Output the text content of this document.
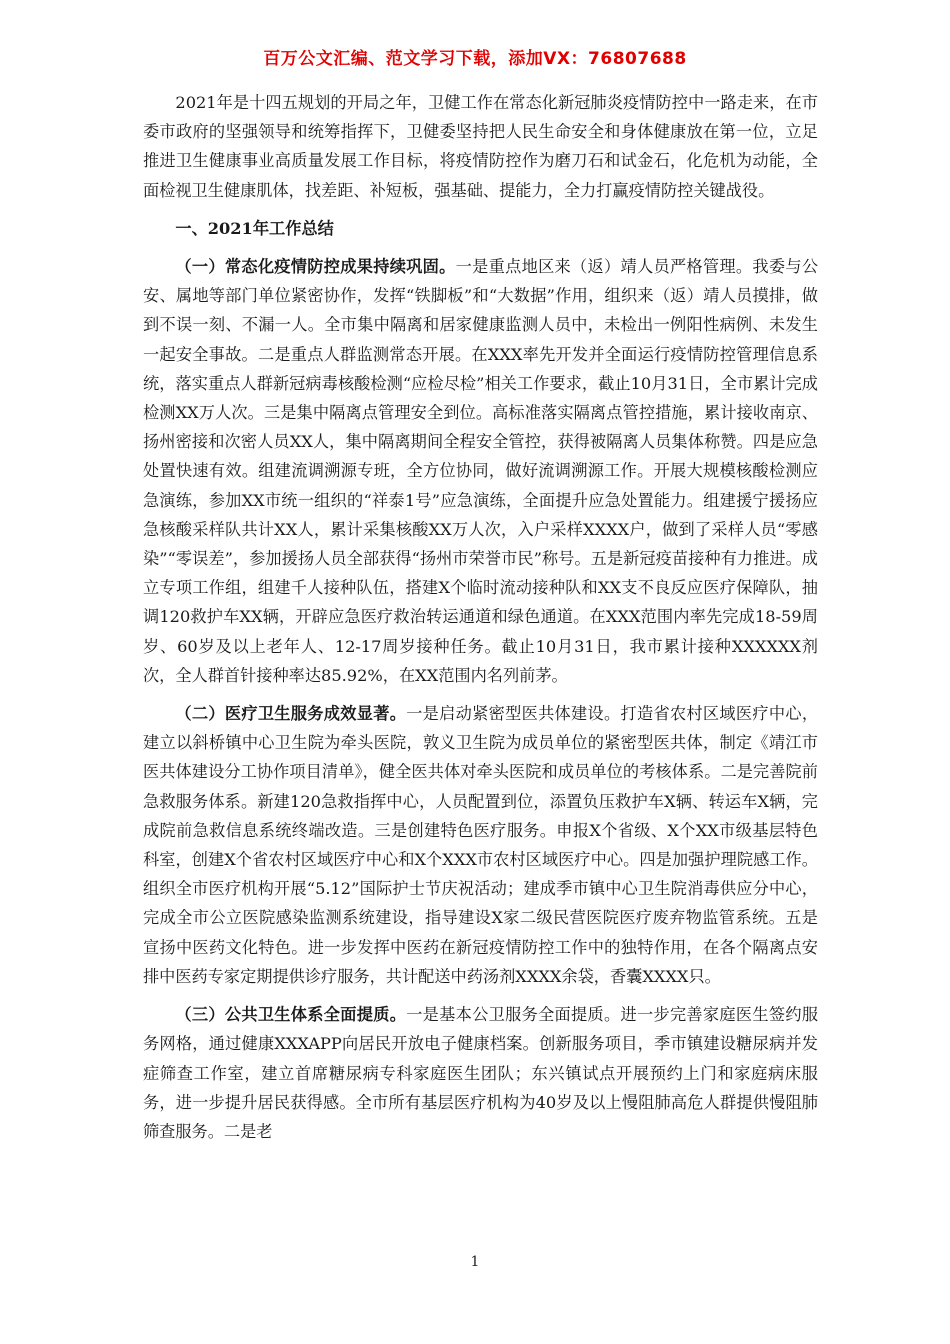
百万公文汇编、范文学习下载，添加VX：76807688

2021年是十四五规划的开局之年，卫健工作在常态化新冠肺炎疫情防控中一路走来，在市委市政府的坚强领导和统筹指挥下，卫健委坚持把人民生命安全和身体健康放在第一位，立足推进卫生健康事业高质量发展工作目标，将疫情防控作为磨刀石和试金石，化危机为动能，全面检视卫生健康肌体，找差距、补短板，强基础、提能力，全力打赢疫情防控关键战役。

一、2021年工作总结

（一）常态化疫情防控成果持续巩固。一是重点地区来（返）靖人员严格管理。我委与公安、属地等部门单位紧密协作，发挥“铁脚板”和“大数据”作用，组织来（返）靖人员摸排，做到不误一刻、不漏一人。全市集中隔离和居家健康监测人员中，未检出一例阳性病例、未发生一起安全事故。二是重点人群监测常态开展。在XXX率先开发并全面运行疫情防控管理信息系统，落实重点人群新冠病毒核酸检测“应检尽检”相关工作要求，截止10月31日，全市累计完成检测XX万人次。三是集中隔离点管理安全到位。高标准落实隔离点管控措施，累计接收南京、扬州密接和次密人员XX人，集中隔离期间全程安全管控，获得被隔离人员集体称赞。四是应急处置快速有效。组建流调溯源专班，全方位协同，做好流调溯源工作。开展大规模核酸检测应急演练，参加XX市统一组织的“祥泰1号”应急演练，全面提升应急处置能力。组建援宁援扬应急核酸采样队共计XX人，累计采集核酸XX万人次，入户采样XXXX户，做到了采样人员“零感染”“零误差”，参加援扬人员全部获得“扬州市荣誉市民”称号。五是新冠疫苗接种有力推进。成立专项工作组，组建千人接种队伍，搭建X个临时流动接种队和XX支不良反应医疗保障队，抽调120救护车XX辆，开辟应急医疗救治转运通道和绿色通道。在XXX范围内率先完成18-59周岁、60岁及以上老年人、12-17周岁接种任务。截止10月31日，我市累计接种XXXXXX剂次，全人群首针接种率达85.92%，在XX范围内名列前茅。

（二）医疗卫生服务成效显著。一是启动紧密型医共体建设。打造省农村区域医疗中心，建立以斜桥镇中心卫生院为牵头医院，敦义卫生院为成员单位的紧密型医共体，制定《靖江市医共体建设分工协作项目清单》，健全医共体对牵头医院和成员单位的考核体系。二是完善院前急救服务体系。新建120急救指挥中心，人员配置到位，添置负压救护车X辆、转运车X辆，完成院前急救信息系统终端改造。三是创建特色医疗服务。申报X个省级、X个XX市级基层特色科室，创建X个省农村区域医疗中心和X个XXX市农村区域医疗中心。四是加强护理院感工作。组织全市医疗机构开展“5.12”国际护士节庆祝活动；建成季市镇中心卫生院消毒供应分中心，完成全市公立医院感染监测系统建设，指导建设X家二级民营医院医疗废弃物监管系统。五是宣扬中医药文化特色。进一步发挥中医药在新冠疫情防控工作中的独特作用，在各个隔离点安排中医药专家定期提供诊疗服务，共计配送中药汤剂XXXX余袋，香囊XXXX只。

（三）公共卫生体系全面提质。一是基本公卫服务全面提质。进一步完善家庭医生签约服务网格，通过健康XXXAPP向居民开放电子健康档案。创新服务项目，季市镇建设糖尿病并发症筛查工作室，建立首席糖尿病专科家庭医生团队；东兴镇试点开展预约上门和家庭病床服务，进一步提升居民获得感。全市所有基层医疗机构为40岁及以上慢阻肺高危人群提供慢阻肺筛查服务。二是老

1
